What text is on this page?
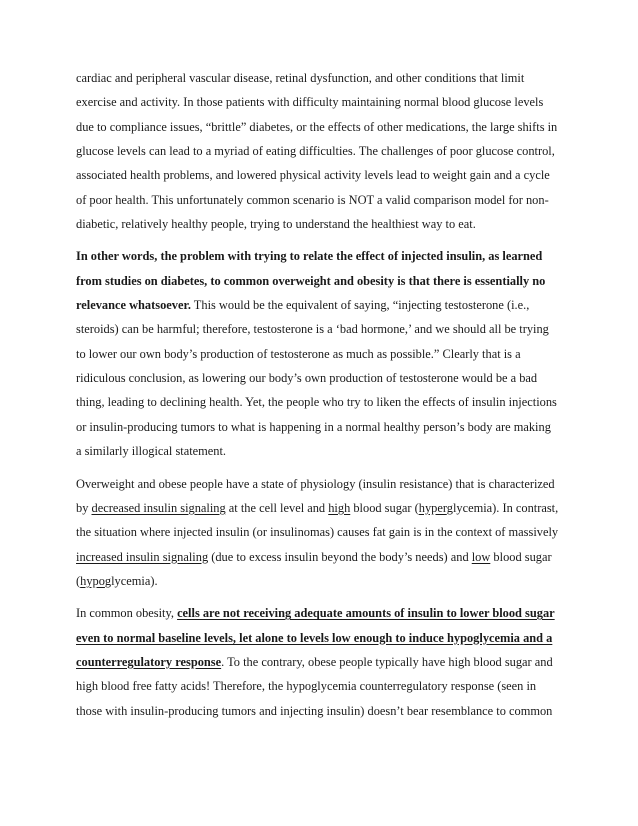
cardiac and peripheral vascular disease, retinal dysfunction, and other conditions that limit
exercise and activity. In those patients with difficulty maintaining normal blood glucose levels
due to compliance issues, “brittle” diabetes, or the effects of other medications, the large shifts in
glucose levels can lead to a myriad of eating difficulties. The challenges of poor glucose control,
associated health problems, and lowered physical activity levels lead to weight gain and a cycle
of poor health. This unfortunately common scenario is NOT a valid comparison model for non-
diabetic, relatively healthy people, trying to understand the healthiest way to eat.
In other words, the problem with trying to relate the effect of injected insulin, as learned
from studies on diabetes, to common overweight and obesity is that there is essentially no
relevance whatsoever. This would be the equivalent of saying, “injecting testosterone (i.e.,
steroids) can be harmful; therefore, testosterone is a ‘bad hormone,’ and we should all be trying
to lower our own body’s production of testosterone as much as possible.” Clearly that is a
ridiculous conclusion, as lowering our body’s own production of testosterone would be a bad
thing, leading to declining health. Yet, the people who try to liken the effects of insulin injections
or insulin-producing tumors to what is happening in a normal healthy person’s body are making
a similarly illogical statement.
Overweight and obese people have a state of physiology (insulin resistance) that is characterized
by decreased insulin signaling at the cell level and high blood sugar (hyperglycemia). In contrast,
the situation where injected insulin (or insulinomas) causes fat gain is in the context of massively
increased insulin signaling (due to excess insulin beyond the body’s needs) and low blood sugar
(hypoglycemia).
In common obesity, cells are not receiving adequate amounts of insulin to lower blood sugar
even to normal baseline levels, let alone to levels low enough to induce hypoglycemia and a
counterregulatory response. To the contrary, obese people typically have high blood sugar and
high blood free fatty acids! Therefore, the hypoglycemia counterregulatory response (seen in
those with insulin-producing tumors and injecting insulin) doesn’t bear resemblance to common
